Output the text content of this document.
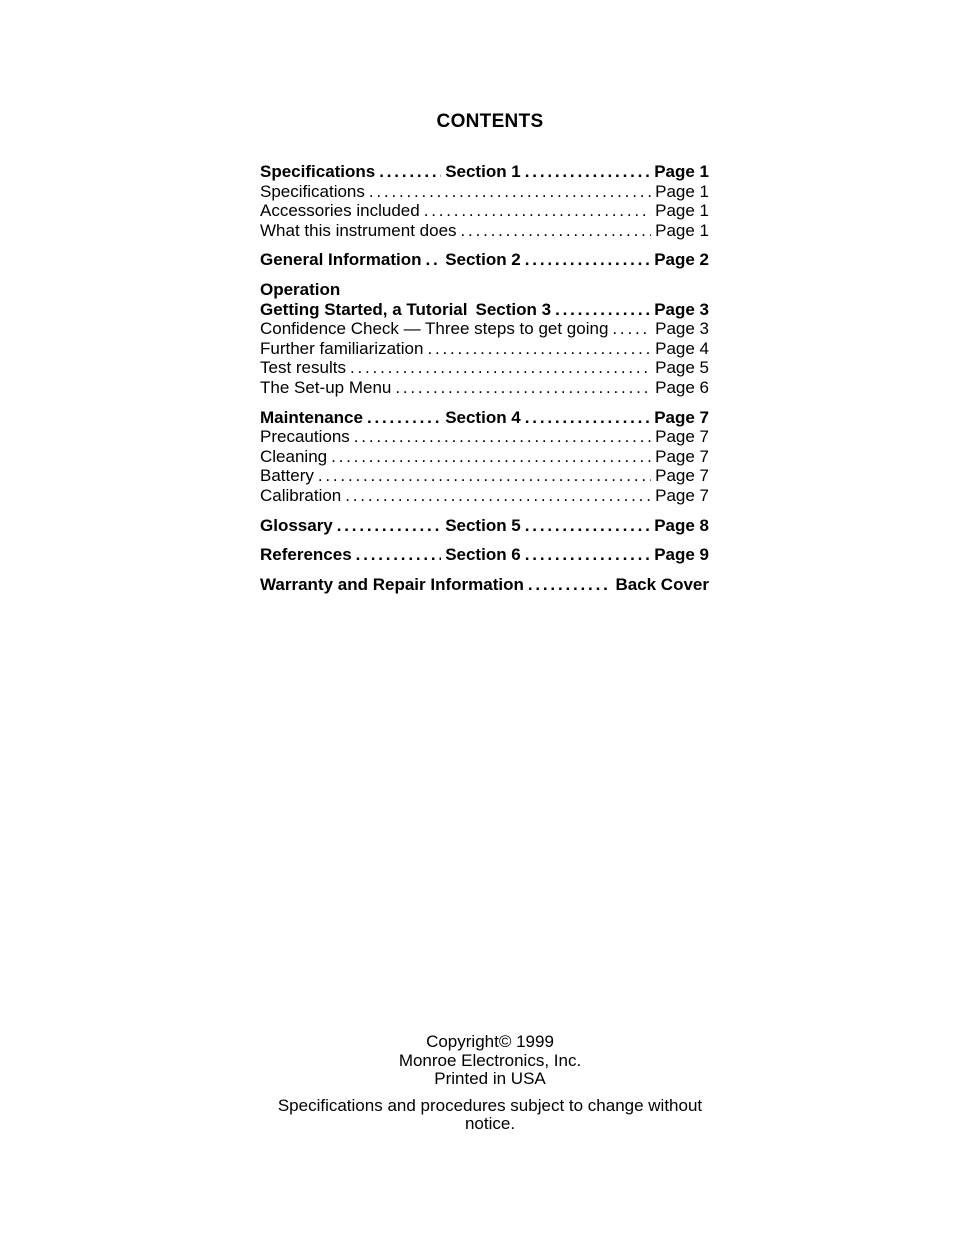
CONTENTS
Specifications .....	Section 1 .....	Page 1
Specifications .....	Page 1
Accessories included .....	Page 1
What this instrument does .....	Page 1
General Information ..... Section 2 .....	Page 2
Operation
Getting Started, a Tutorial Section 3 .....	Page 3
Confidence Check — Three steps to get going .....	Page 3
Further familiarization .....	Page 4
Test results .....	Page 5
The Set-up Menu .....	Page 6
Maintenance .....	Section 4 .....	Page 7
Precautions .....	Page 7
Cleaning .....	Page 7
Battery .....	Page 7
Calibration .....	Page 7
Glossary .....	Section 5 .....	Page 8
References .....	Section 6 .....	Page 9
Warranty and Repair Information .....	Back Cover
Copyright© 1999
Monroe Electronics, Inc.
Printed in USA
Specifications and procedures subject to change without notice.
